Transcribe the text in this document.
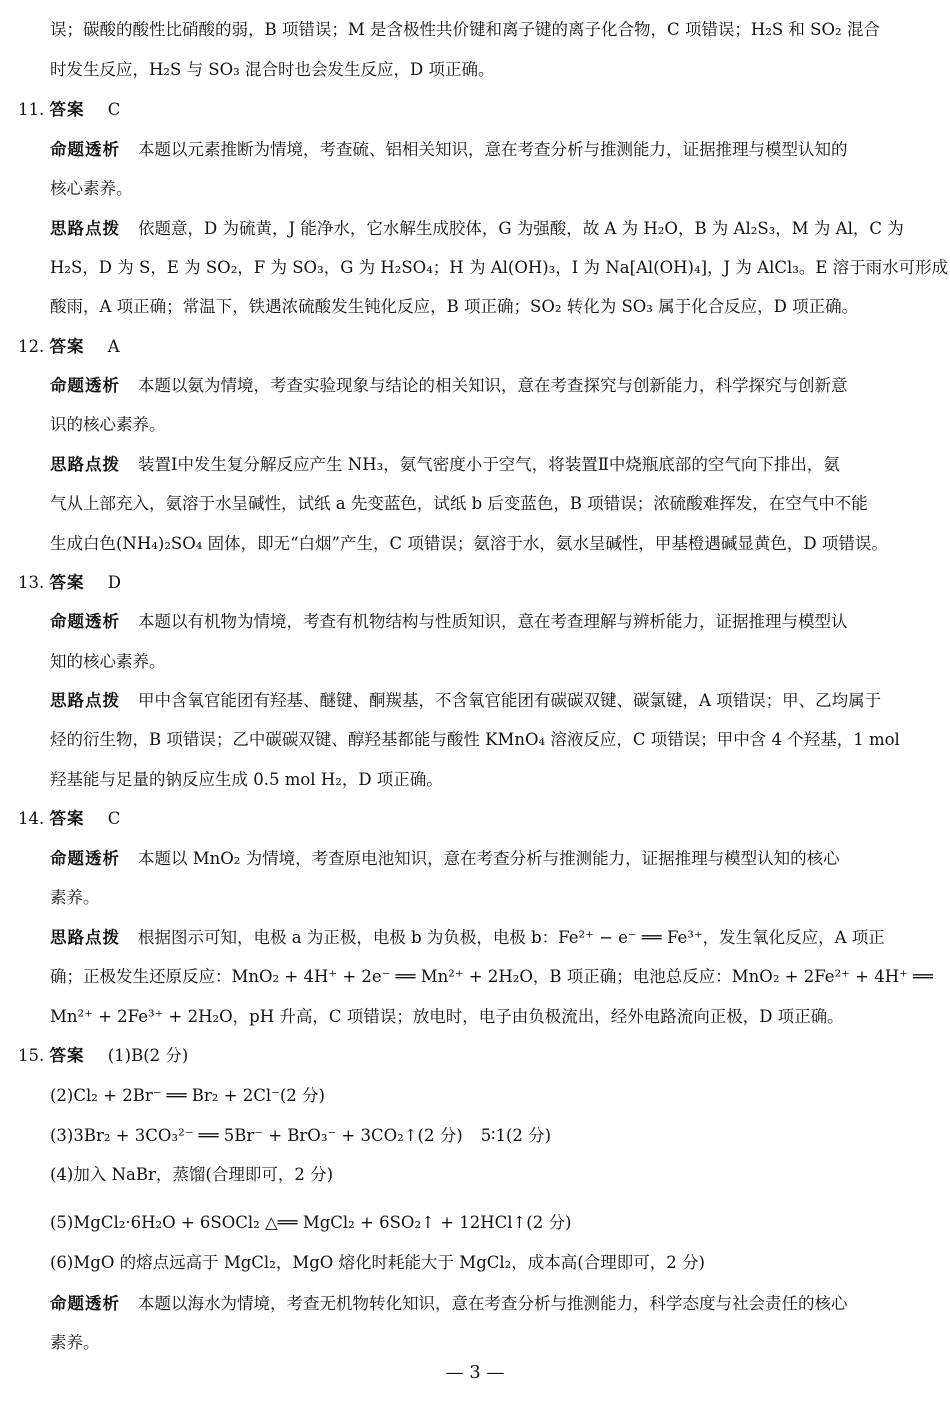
误；碳酸的酸性比硝酸的弱，B 项错误；M 是含极性共价键和离子键的离子化合物，C 项错误；H₂S 和 SO₂ 混合
时发生反应，H₂S 与 SO₃ 混合时也会发生反应，D 项正确。
11. 答案 C
命题透析 本题以元素推断为情境，考查硫、铝相关知识，意在考查分析与推测能力，证据推理与模型认知的
核心素养。
思路点拨 依题意，D 为硫黄，J 能净水，它水解生成胶体，G 为强酸，故 A 为 H₂O，B 为 Al₂S₃，M 为 Al，C 为
H₂S，D 为 S，E 为 SO₂，F 为 SO₃，G 为 H₂SO₄；H 为 Al(OH)₃，I 为 Na[Al(OH)₄]，J 为 AlCl₃。E 溶于雨水可形成
酸雨，A 项正确；常温下，铁遇浓硫酸发生钝化反应，B 项正确；SO₂ 转化为 SO₃ 属于化合反应，D 项正确。
12. 答案 A
命题透析 本题以氨为情境，考查实验现象与结论的相关知识，意在考查探究与创新能力，科学探究与创新意
识的核心素养。
思路点拨 装置Ⅰ中发生复分解反应产生 NH₃，氨气密度小于空气，将装置Ⅱ中烧瓶底部的空气向下排出，氨
气从上部充入，氨溶于水呈碱性，试纸 a 先变蓝色，试纸 b 后变蓝色，B 项错误；浓硫酸难挥发，在空气中不能
生成白色(NH₄)₂SO₄ 固体，即无“白烟”产生，C 项错误；氨溶于水，氨水呈碱性，甲基橙遇碱显黄色，D 项错误。
13. 答案 D
命题透析 本题以有机物为情境，考查有机物结构与性质知识，意在考查理解与辨析能力，证据推理与模型认
知的核心素养。
思路点拨 甲中含氧官能团有羟基、醚键、酮羰基，不含氧官能团有碳碳双键、碳氯键，A 项错误；甲、乙均属于
烃的衍生物，B 项错误；乙中碳碳双键、醇羟基都能与酸性 KMnO₄ 溶液反应，C 项错误；甲中含 4 个羟基，1 mol
羟基能与足量的钠反应生成 0.5 mol H₂，D 项正确。
14. 答案 C
命题透析 本题以 MnO₂ 为情境，考查原电池知识，意在考查分析与推测能力，证据推理与模型认知的核心
素养。
思路点拨 根据图示可知，电极 a 为正极，电极 b 为负极，电极 b：Fe²⁺ − e⁻ ══ Fe³⁺，发生氧化反应，A 项正
确；正极发生还原反应：MnO₂ + 4H⁺ + 2e⁻ ══ Mn²⁺ + 2H₂O，B 项正确；电池总反应：MnO₂ + 2Fe²⁺ + 4H⁺ ══
Mn²⁺ + 2Fe³⁺ + 2H₂O，pH 升高，C 项错误；放电时，电子由负极流出，经外电路流向正极，D 项正确。
15. 答案 (1)B(2 分)
(2)Cl₂ + 2Br⁻ ══ Br₂ + 2Cl⁻(2 分)
(3)3Br₂ + 3CO₃²⁻ ══ 5Br⁻ + BrO₃⁻ + 3CO₂↑(2 分) 5∶1(2 分)
(4)加入 NaBr，蒸馏(合理即可，2 分)
(5)MgCl₂·6H₂O + 6SOCl₂ △══ MgCl₂ + 6SO₂↑ + 12HCl↑(2 分)
(6)MgO 的熔点远高于 MgCl₂，MgO 熔化时耗能大于 MgCl₂，成本高(合理即可，2 分)
命题透析 本题以海水为情境，考查无机物转化知识，意在考查分析与推测能力，科学态度与社会责任的核心
素养。
— 3 —
